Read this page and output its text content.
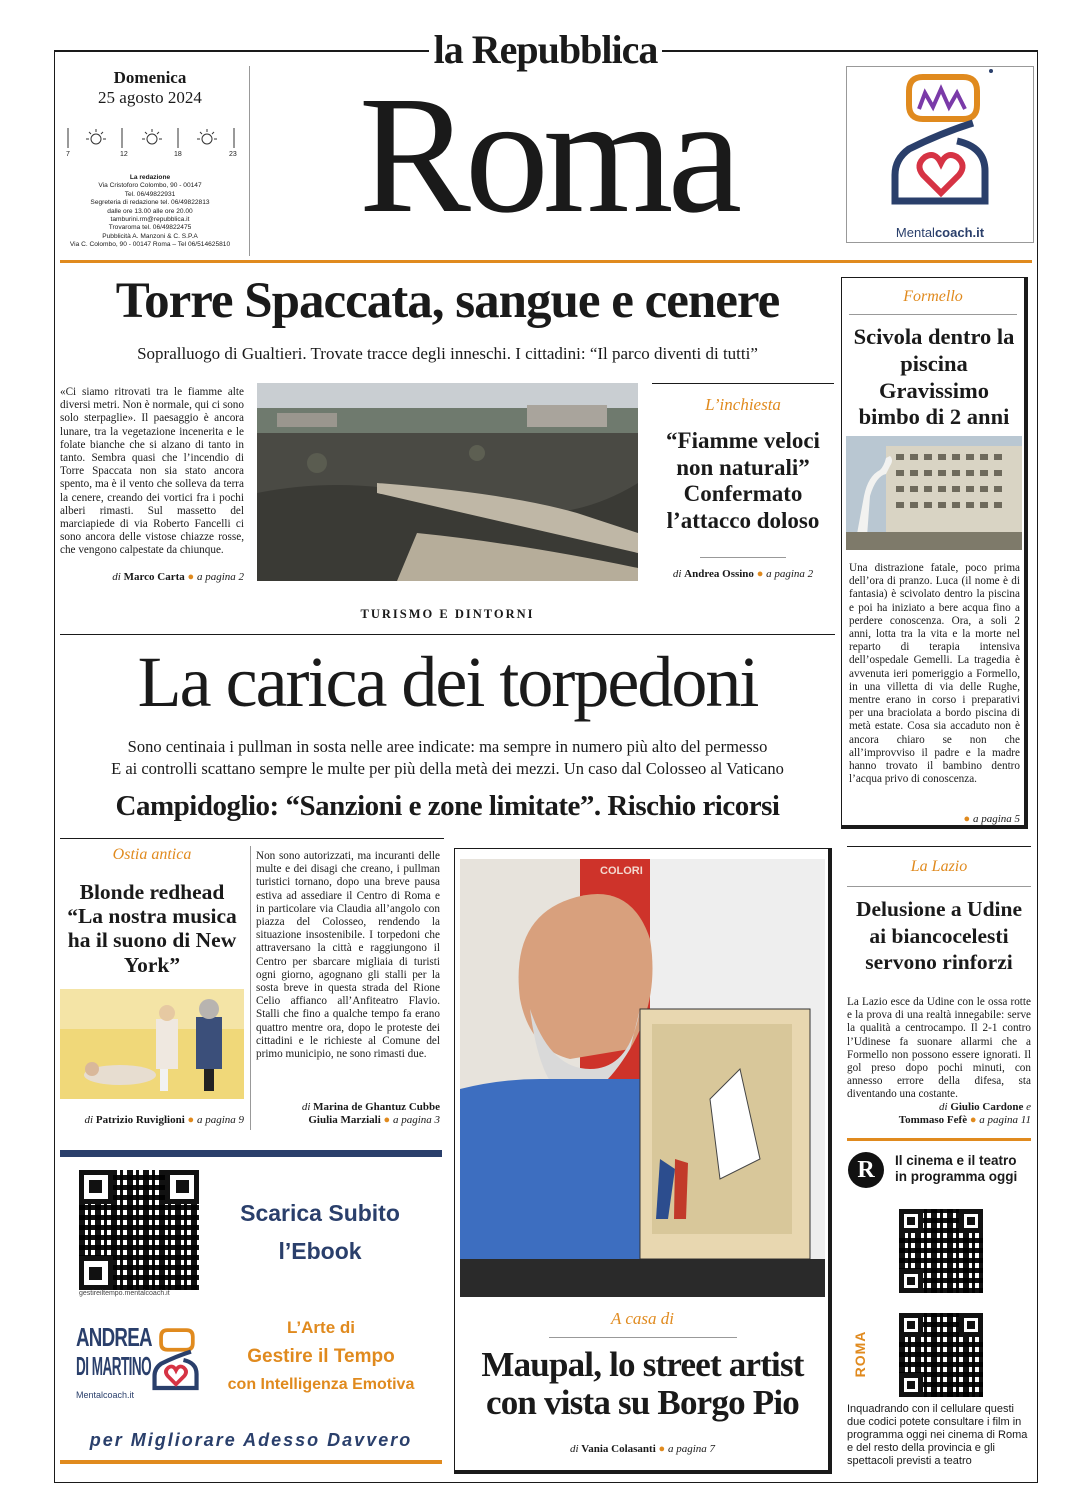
la Repubblica
Domenica
25 agosto 2024
7	12	18	23
La redazione
Via Cristoforo Colombo, 90 - 00147
Tel. 06/49822931
Segreteria di redazione tel. 06/49822813
dalle ore 13.00 alle ore 20.00
tamburini.rm@repubblica.it
Trovaroma tel. 06/49822475
Pubblicità A. Manzoni & C. S.P.A
Via C. Colombo, 90 - 00147 Roma – Tel 06/514625810 Roma	Mentalcoach.it
Torre Spaccata, sangue e cenere
Sopralluogo di Gualtieri. Trovate tracce degli inneschi. I cittadini: “Il parco diventi di tutti”
«Ci siamo ritrovati tra le fiamme alte diversi metri. Non è normale, qui ci sono solo sterpaglie». Il paesaggio è ancora lunare, tra la vegetazione incenerita e le folate bianche che si alzano di tanto in tanto. Sembra quasi che l’incendio di Torre Spaccata non sia stato ancora spento, ma è il vento che solleva da terra la cenere, creando dei vortici fra i pochi alberi rimasti. Sul massetto del marciapiede di via Roberto Fancelli ci sono ancora delle vistose chiazze rosse, che vengono calpestate da chiunque.
di Marco Carta ● a pagina 2
L’inchiesta
“Fiamme veloci non naturali” Confermato l’attacco doloso
di Andrea Ossino ● a pagina 2
Formello
Scivola dentro la piscina Gravissimo bimbo di 2 anni
Una distrazione fatale, poco prima dell’ora di pranzo. Luca (il nome è di fantasia) è scivolato dentro la piscina e poi ha iniziato a bere acqua fino a perdere conoscenza. Ora, a soli 2 anni, lotta tra la vita e la morte nel reparto di terapia intensiva dell’ospedale Gemelli. La tragedia è avvenuta ieri pomeriggio a Formello, in una villetta di via delle Rughe, mentre erano in corso i preparativi per una braciolata a bordo piscina di metà estate. Cosa sia accaduto non è ancora chiaro se non che all’improvviso il padre e la madre hanno trovato il bambino dentro l’acqua privo di conoscenza.
● a pagina 5
TURISMO E DINTORNI
La carica dei torpedoni
Sono centinaia i pullman in sosta nelle aree indicate: ma sempre in numero più alto del permesso
E ai controlli scattano sempre le multe per più della metà dei mezzi. Un caso dal Colosseo al Vaticano
Campidoglio: “Sanzioni e zone limitate”. Rischio ricorsi
Ostia antica
Blonde redhead “La nostra musica ha il suono di New York”
di Patrizio Ruviglioni ● a pagina 9
Non sono autorizzati, ma incuranti delle multe e dei disagi che creano, i pullman turistici tornano, dopo una breve pausa estiva ad assediare il Centro di Roma e in particolare via Claudia all’angolo con piazza del Colosseo, rendendo la situazione insostenibile. I torpedoni che attraversano la città e raggiungono il Centro per sbarcare migliaia di turisti ogni giorno, agognano gli stalli per la sosta breve in questa strada del Rione Celio affianco all’Anfiteatro Flavio. Stalli che fino a qualche tempo fa erano quattro mentre ora, dopo le proteste dei cittadini e le richieste al Comune del primo municipio, ne sono rimasti due.
di Marina de Ghantuz Cubbe
Giulia Marziali ● a pagina 3
COLORI
A casa di
Maupal, lo street artist con vista su Borgo Pio
di Vania Colasanti ● a pagina 7
La Lazio
Delusione a Udine ai biancocelesti servono rinforzi
La Lazio esce da Udine con le ossa rotte e la prova di una realtà innegabile: serve la qualità a centrocampo. Il 2-1 contro l’Udinese fa suonare allarmi che a Formello non possono essere ignorati. Il gol preso dopo pochi minuti, con annesso errore della difesa, sta diventando una costante.
di Giulio Cardone e
Tommaso Fefè ● a pagina 11
R	Il cinema e il teatro
in programma oggi
ROMA
Inquadrando con il cellulare questi due codici potete consultare i film in programma oggi nei cinema di Roma e del resto della provincia e gli spettacoli previsti a teatro
gestireiltempo.mentalcoach.it
Scarica Subito
l’Ebook
ANDREA
DI MARTINO
Mentalcoach.it
L’Arte di
Gestire il Tempo
con Intelligenza Emotiva
per Migliorare Adesso Davvero
